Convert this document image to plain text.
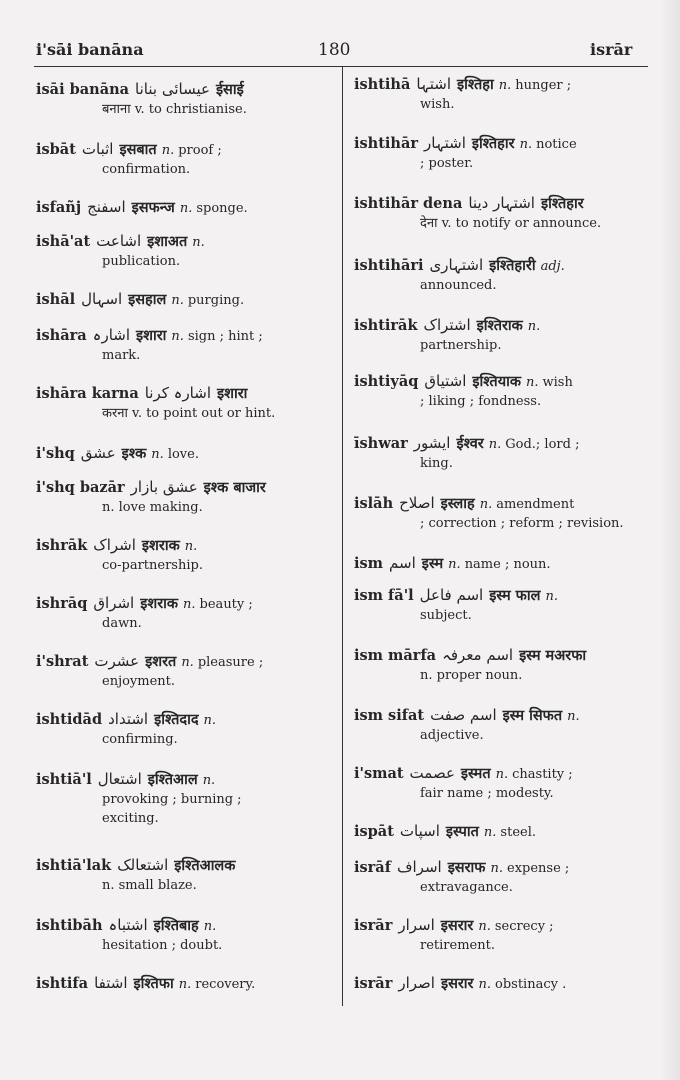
i'sāi banāna	180	isrār
isāi banāna عیسائی بنانا ईसाई
बनाना v. to christianise.
isbāt اثبات इसबात n. proof ;
confirmation.
isfañj اسفنج इसफन्ज n. sponge.
ishā'at اشاعت इशाअत n.
publication.
ishāl اسہال इसहाल n. purging.
ishāra اشارہ इशारा n. sign ; hint ;
mark.
ishāra karna اشارہ کرنا इशारा
करना v. to point out or hint.
i'shq عشق इश्क n. love.
i'shq bazār عشق بازار इश्क बाजार
n. love making.
ishrāk اشراک इशराक n.
co-partnership.
ishrāq اشراق इशराक n. beauty ;
dawn.
i'shrat عشرت इशरत n. pleasure ;
enjoyment.
ishtidād اشتداد इश्तिदाद n.
confirming.
ishtiā'l اشتعال इश्तिआल n.
provoking ; burning ;
exciting.
ishtiā'lak اشتعالک इश्तिआलक
n. small blaze.
ishtibāh اشتباہ इश्तिबाह n.
hesitation ; doubt.
ishtifa اشتفا इश्तिफा n. recovery.
ishtihā اشتہا इश्तिहा n. hunger ;
wish.
ishtihār اشتہار इश्तिहार n. notice
; poster.
ishtihār dena اشتہار دینا इश्तिहार
देना v. to notify or announce.
ishtihāri اشتہاری इश्तिहारी adj.
announced.
ishtirāk اشتراک इश्तिराक n.
partnership.
ishtiyāq اشتیاق इश्तियाक n. wish
; liking ; fondness.
īshwar ایشور ईश्वर n. God.; lord ;
king.
islāh اصلاح इस्लाह n. amendment
; correction ; reform ; revision.
ism اسم इस्म n. name ; noun.
ism fā'l اسم فاعل इस्म फाल n.
subject.
ism mārfa اسم معرفہ इस्म मअरफा
n. proper noun.
ism sifat اسم صفت इस्म सिफत n.
adjective.
i'smat عصمت इस्मत n. chastity ;
fair name ; modesty.
ispāt اسپات इस्पात n. steel.
isrāf اسراف इसराफ n. expense ;
extravagance.
isrār اسرار इसरार n. secrecy ;
retirement.
isrār اصرار इसरार n. obstinacy .
